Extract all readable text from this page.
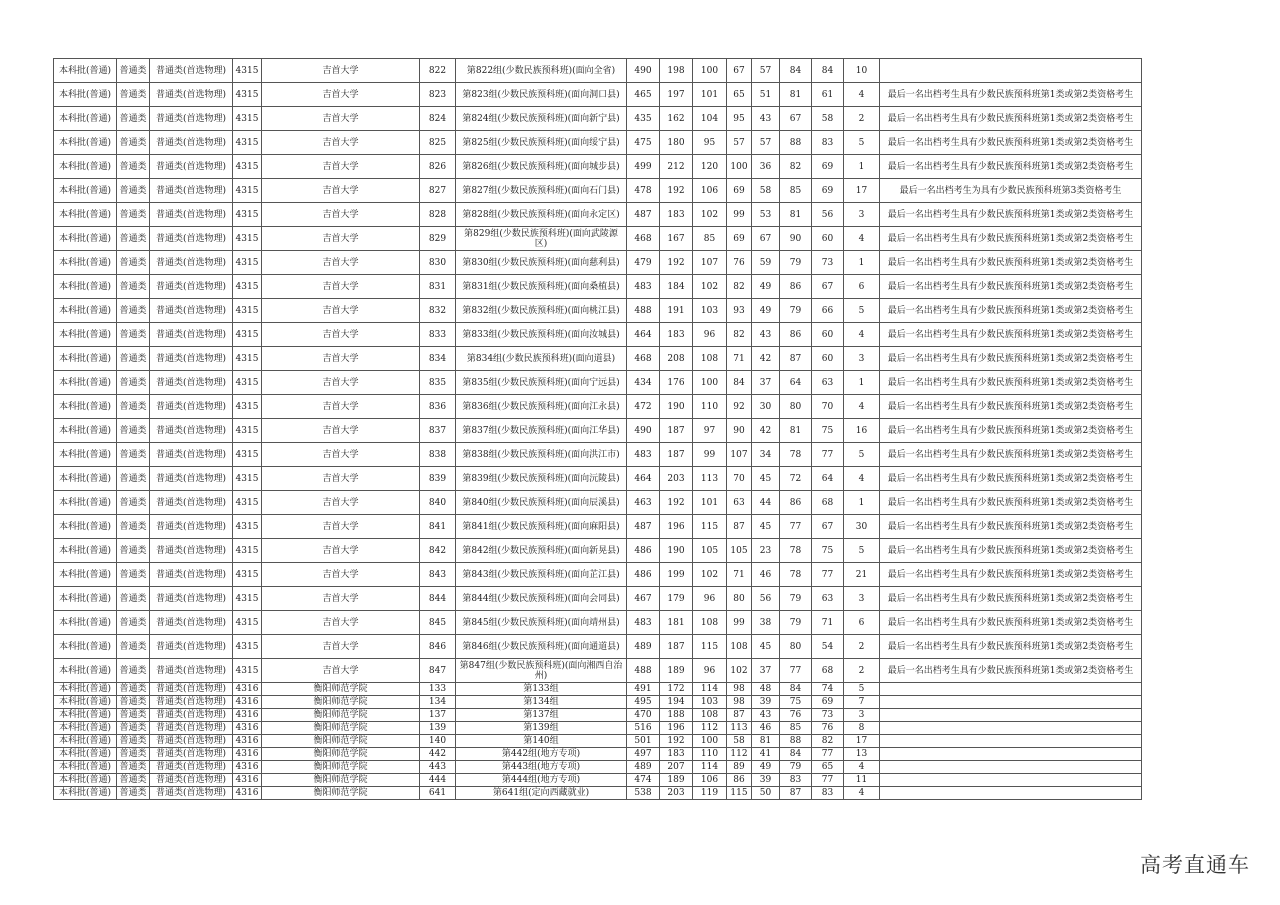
本科批(普通)	普通类	普通类(首选物理)	4315	吉首大学	822	第822组(少数民族预科班)(面向全省)	490	198	100	67	57	84	84	10	
本科批(普通)	普通类	普通类(首选物理)	4315	吉首大学	823	第823组(少数民族预科班)(面向洞口县)	465	197	101	65	51	81	61	4	最后一名出档考生具有少数民族预科班第1类或第2类资格考生
本科批(普通)	普通类	普通类(首选物理)	4315	吉首大学	824	第824组(少数民族预科班)(面向新宁县)	435	162	104	95	43	67	58	2	最后一名出档考生具有少数民族预科班第1类或第2类资格考生
本科批(普通)	普通类	普通类(首选物理)	4315	吉首大学	825	第825组(少数民族预科班)(面向绥宁县)	475	180	95	57	57	88	83	5	最后一名出档考生具有少数民族预科班第1类或第2类资格考生
本科批(普通)	普通类	普通类(首选物理)	4315	吉首大学	826	第826组(少数民族预科班)(面向城步县)	499	212	120	100	36	82	69	1	最后一名出档考生具有少数民族预科班第1类或第2类资格考生
本科批(普通)	普通类	普通类(首选物理)	4315	吉首大学	827	第827组(少数民族预科班)(面向石门县)	478	192	106	69	58	85	69	17	最后一名出档考生为具有少数民族预科班第3类资格考生
本科批(普通)	普通类	普通类(首选物理)	4315	吉首大学	828	第828组(少数民族预科班)(面向永定区)	487	183	102	99	53	81	56	3	最后一名出档考生具有少数民族预科班第1类或第2类资格考生
本科批(普通)	普通类	普通类(首选物理)	4315	吉首大学	829	第829组(少数民族预科班)(面向武陵源区)	468	167	85	69	67	90	60	4	最后一名出档考生具有少数民族预科班第1类或第2类资格考生
本科批(普通)	普通类	普通类(首选物理)	4315	吉首大学	830	第830组(少数民族预科班)(面向慈利县)	479	192	107	76	59	79	73	1	最后一名出档考生具有少数民族预科班第1类或第2类资格考生
本科批(普通)	普通类	普通类(首选物理)	4315	吉首大学	831	第831组(少数民族预科班)(面向桑植县)	483	184	102	82	49	86	67	6	最后一名出档考生具有少数民族预科班第1类或第2类资格考生
本科批(普通)	普通类	普通类(首选物理)	4315	吉首大学	832	第832组(少数民族预科班)(面向桃江县)	488	191	103	93	49	79	66	5	最后一名出档考生具有少数民族预科班第1类或第2类资格考生
本科批(普通)	普通类	普通类(首选物理)	4315	吉首大学	833	第833组(少数民族预科班)(面向汝城县)	464	183	96	82	43	86	60	4	最后一名出档考生具有少数民族预科班第1类或第2类资格考生
本科批(普通)	普通类	普通类(首选物理)	4315	吉首大学	834	第834组(少数民族预科班)(面向道县)	468	208	108	71	42	87	60	3	最后一名出档考生具有少数民族预科班第1类或第2类资格考生
本科批(普通)	普通类	普通类(首选物理)	4315	吉首大学	835	第835组(少数民族预科班)(面向宁远县)	434	176	100	84	37	64	63	1	最后一名出档考生具有少数民族预科班第1类或第2类资格考生
本科批(普通)	普通类	普通类(首选物理)	4315	吉首大学	836	第836组(少数民族预科班)(面向江永县)	472	190	110	92	30	80	70	4	最后一名出档考生具有少数民族预科班第1类或第2类资格考生
本科批(普通)	普通类	普通类(首选物理)	4315	吉首大学	837	第837组(少数民族预科班)(面向江华县)	490	187	97	90	42	81	75	16	最后一名出档考生具有少数民族预科班第1类或第2类资格考生
本科批(普通)	普通类	普通类(首选物理)	4315	吉首大学	838	第838组(少数民族预科班)(面向洪江市)	483	187	99	107	34	78	77	5	最后一名出档考生具有少数民族预科班第1类或第2类资格考生
本科批(普通)	普通类	普通类(首选物理)	4315	吉首大学	839	第839组(少数民族预科班)(面向沅陵县)	464	203	113	70	45	72	64	4	最后一名出档考生具有少数民族预科班第1类或第2类资格考生
本科批(普通)	普通类	普通类(首选物理)	4315	吉首大学	840	第840组(少数民族预科班)(面向辰溪县)	463	192	101	63	44	86	68	1	最后一名出档考生具有少数民族预科班第1类或第2类资格考生
本科批(普通)	普通类	普通类(首选物理)	4315	吉首大学	841	第841组(少数民族预科班)(面向麻阳县)	487	196	115	87	45	77	67	30	最后一名出档考生具有少数民族预科班第1类或第2类资格考生
本科批(普通)	普通类	普通类(首选物理)	4315	吉首大学	842	第842组(少数民族预科班)(面向新晃县)	486	190	105	105	23	78	75	5	最后一名出档考生具有少数民族预科班第1类或第2类资格考生
本科批(普通)	普通类	普通类(首选物理)	4315	吉首大学	843	第843组(少数民族预科班)(面向芷江县)	486	199	102	71	46	78	77	21	最后一名出档考生具有少数民族预科班第1类或第2类资格考生
本科批(普通)	普通类	普通类(首选物理)	4315	吉首大学	844	第844组(少数民族预科班)(面向会同县)	467	179	96	80	56	79	63	3	最后一名出档考生具有少数民族预科班第1类或第2类资格考生
本科批(普通)	普通类	普通类(首选物理)	4315	吉首大学	845	第845组(少数民族预科班)(面向靖州县)	483	181	108	99	38	79	71	6	最后一名出档考生具有少数民族预科班第1类或第2类资格考生
本科批(普通)	普通类	普通类(首选物理)	4315	吉首大学	846	第846组(少数民族预科班)(面向通道县)	489	187	115	108	45	80	54	2	最后一名出档考生具有少数民族预科班第1类或第2类资格考生
本科批(普通)	普通类	普通类(首选物理)	4315	吉首大学	847	第847组(少数民族预科班)(面向湘西自治州)	488	189	96	102	37	77	68	2	最后一名出档考生具有少数民族预科班第1类或第2类资格考生
本科批(普通)	普通类	普通类(首选物理)	4316	衡阳师范学院	133	第133组	491	172	114	98	48	84	74	5	
本科批(普通)	普通类	普通类(首选物理)	4316	衡阳师范学院	134	第134组	495	194	103	98	39	75	69	7	
本科批(普通)	普通类	普通类(首选物理)	4316	衡阳师范学院	137	第137组	470	188	108	87	43	76	73	3	
本科批(普通)	普通类	普通类(首选物理)	4316	衡阳师范学院	139	第139组	516	196	112	113	46	85	76	8	
本科批(普通)	普通类	普通类(首选物理)	4316	衡阳师范学院	140	第140组	501	192	100	58	81	88	82	17	
本科批(普通)	普通类	普通类(首选物理)	4316	衡阳师范学院	442	第442组(地方专项)	497	183	110	112	41	84	77	13	
本科批(普通)	普通类	普通类(首选物理)	4316	衡阳师范学院	443	第443组(地方专项)	489	207	114	89	49	79	65	4	
本科批(普通)	普通类	普通类(首选物理)	4316	衡阳师范学院	444	第444组(地方专项)	474	189	106	86	39	83	77	11	
本科批(普通)	普通类	普通类(首选物理)	4316	衡阳师范学院	641	第641组(定向西藏就业)	538	203	119	115	50	87	83	4	
高考直通车
